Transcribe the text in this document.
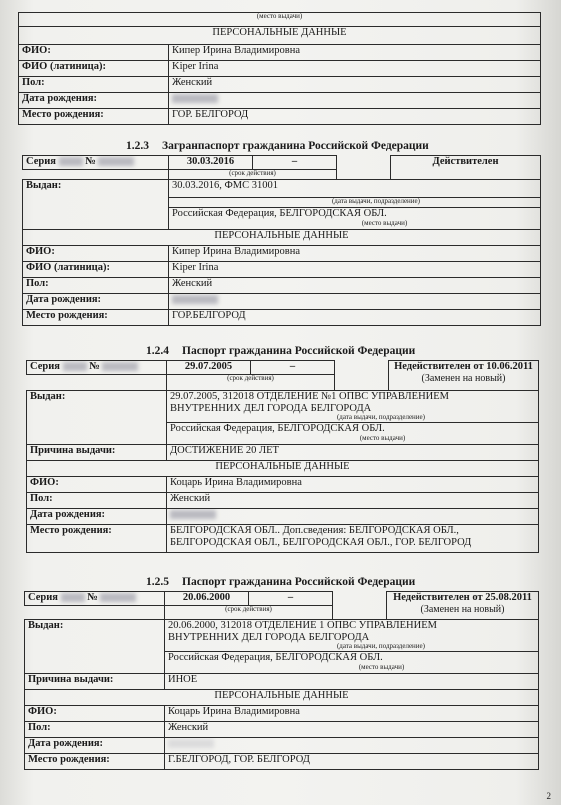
(место выдачи)	
ПЕРСОНАЛЬНЫЕ ДАННЫЕ	
ФИО:	Кипер Ирина Владимировна
ФИО (латиница):	Kiper Irina
Пол:	Женский
Дата рождения:	
Место рождения:	ГОР. БЕЛГОРОД
1.2.3 Загранпаспорт гражданина Российской Федерации
Серия №	30.03.2016	–		Действителен
	(срок действия)			
Выдан:	30.03.2016, ФМС 31001			
	(дата выдачи, подразделение)			

	Российская Федерация, БЕЛГОРОДСКАЯ ОБЛ.
(место выдачи)			

ПЕРСОНАЛЬНЫЕ ДАННЫЕ				
ФИО:	Кипер Ирина Владимировна			
ФИО (латиница):	Kiper Irina			
Пол:	Женский			
Дата рождения:				
Место рождения:	ГОР.БЕЛГОРОД			
1.2.4 Паспорт гражданина Российской Федерации
Серия №	29.07.2005	–		Недействителен от 10.06.2011
(Заменен на новый)

	(срок действия)			
Выдан:	29.07.2005, 312018 ОТДЕЛЕНИЕ №1 ОПВС УПРАВЛЕНИЕМ
ВНУТРЕННИХ ДЕЛ ГОРОДА БЕЛГОРОДА
(дата выдачи, подразделение)			

	Российская Федерация, БЕЛГОРОДСКАЯ ОБЛ.
(место выдачи)			

Причина выдачи:	ДОСТИЖЕНИЕ 20 ЛЕТ			
ПЕРСОНАЛЬНЫЕ ДАННЫЕ				
ФИО:	Коцарь Ирина Владимировна			
Пол:	Женский			
Дата рождения:				
Место рождения:	БЕЛГОРОДСКАЯ ОБЛ.. Доп.сведения: БЕЛГОРОДСКАЯ ОБЛ.,
БЕЛГОРОДСКАЯ ОБЛ., БЕЛГОРОДСКАЯ ОБЛ., ГОР. БЕЛГОРОД			
1.2.5 Паспорт гражданина Российской Федерации
Серия №	20.06.2000	–		Недействителен от 25.08.2011
(Заменен на новый)

	(срок действия)			
Выдан:	20.06.2000, 312018 ОТДЕЛЕНИЕ 1 ОПВС УПРАВЛЕНИЕМ
ВНУТРЕННИХ ДЕЛ ГОРОДА БЕЛГОРОДА
(дата выдачи, подразделение)			

	Российская Федерация, БЕЛГОРОДСКАЯ ОБЛ.
(место выдачи)			

Причина выдачи:	ИНОЕ			
ПЕРСОНАЛЬНЫЕ ДАННЫЕ				
ФИО:	Коцарь Ирина Владимировна			
Пол:	Женский			
Дата рождения:				
Место рождения:	Г.БЕЛГОРОД, ГОР. БЕЛГОРОД			
2
